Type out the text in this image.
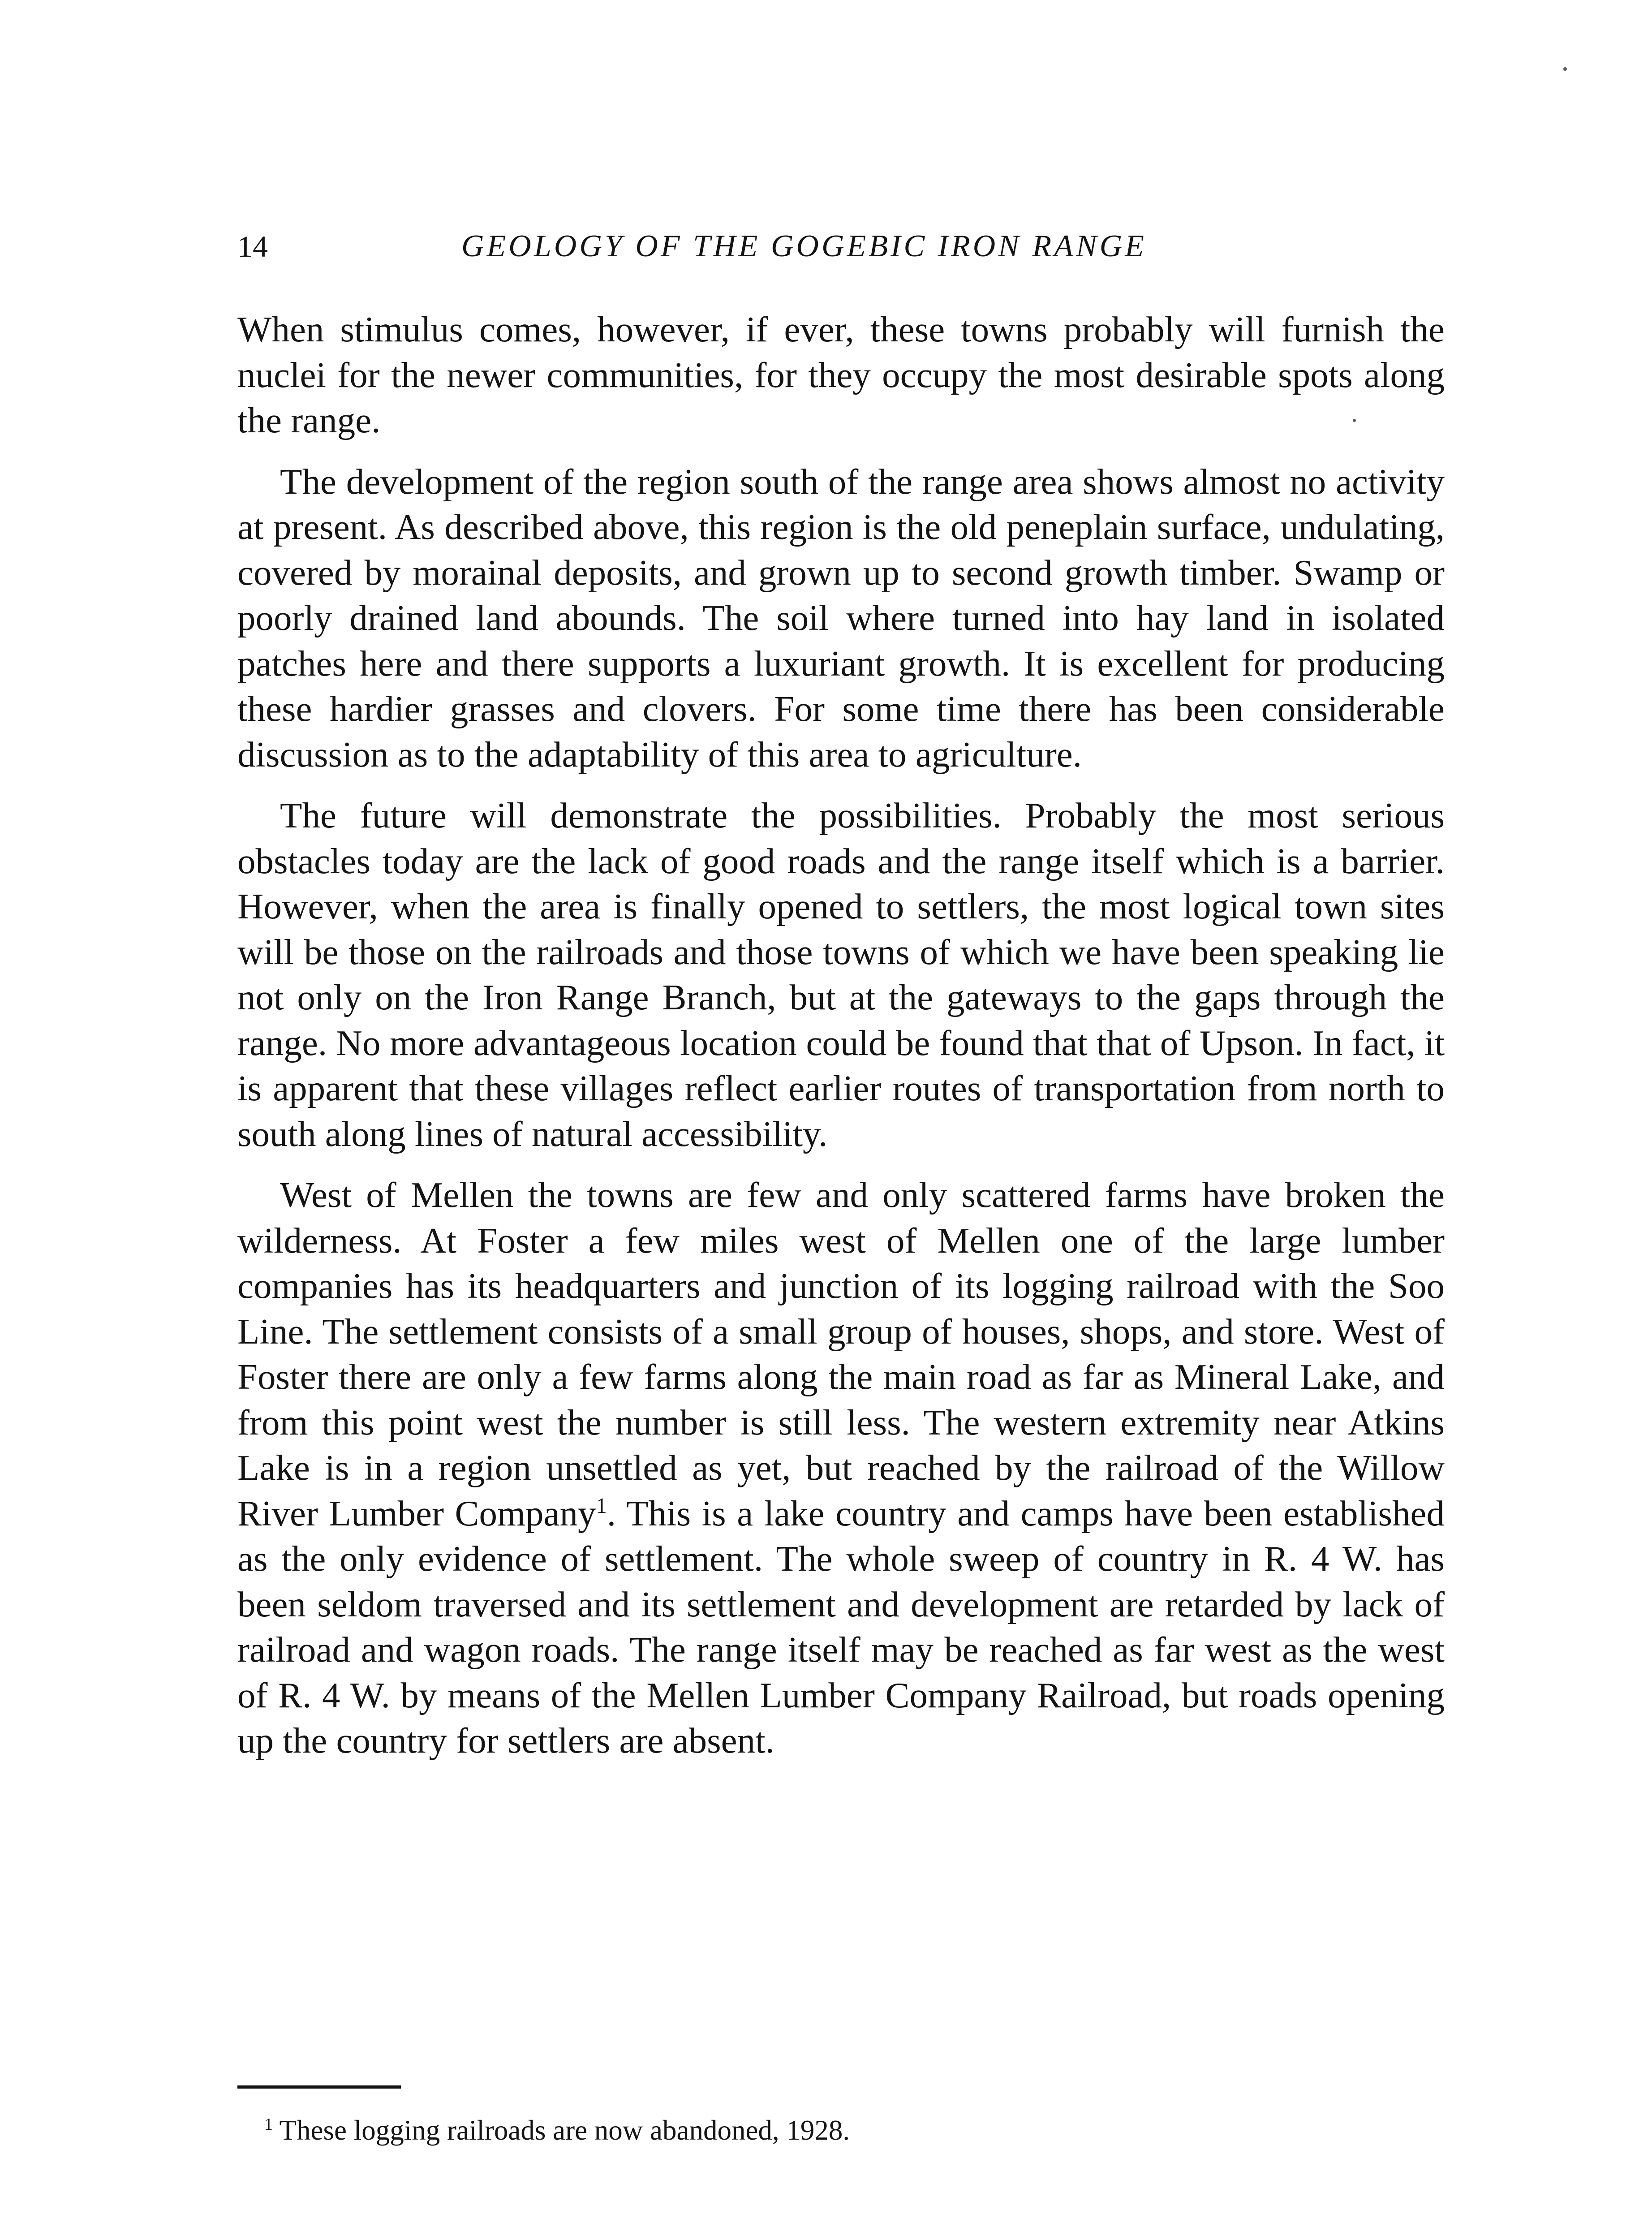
14	GEOLOGY OF THE GOGEBIC IRON RANGE

When stimulus comes, however, if ever, these towns probably will furnish the nuclei for the newer communities, for they occupy the most desirable spots along the range.

The development of the region south of the range area shows almost no activity at present. As described above, this region is the old peneplain surface, undulating, covered by morainal deposits, and grown up to second growth timber. Swamp or poorly drained land abounds. The soil where turned into hay land in isolated patches here and there supports a luxuriant growth. It is excellent for producing these hardier grasses and clovers. For some time there has been considerable discussion as to the adaptability of this area to agriculture.

The future will demonstrate the possibilities. Probably the most serious obstacles today are the lack of good roads and the range itself which is a barrier. However, when the area is finally opened to settlers, the most logical town sites will be those on the railroads and those towns of which we have been speaking lie not only on the Iron Range Branch, but at the gateways to the gaps through the range. No more advantageous location could be found that that of Upson. In fact, it is apparent that these villages reflect earlier routes of transportation from north to south along lines of natural accessibility.

West of Mellen the towns are few and only scattered farms have broken the wilderness. At Foster a few miles west of Mellen one of the large lumber companies has its headquarters and junction of its logging railroad with the Soo Line. The settlement consists of a small group of houses, shops, and store. West of Foster there are only a few farms along the main road as far as Mineral Lake, and from this point west the number is still less. The western extremity near Atkins Lake is in a region unsettled as yet, but reached by the railroad of the Willow River Lumber Company$^1$. This is a lake country and camps have been established as the only evidence of settlement. The whole sweep of country in R. 4 W. has been seldom traversed and its settlement and development are retarded by lack of railroad and wagon roads. The range itself may be reached as far west as the west of R. 4 W. by means of the Mellen Lumber Company Railroad, but roads opening up the country for settlers are absent.

$^1$ These logging railroads are now abandoned, 1928.
